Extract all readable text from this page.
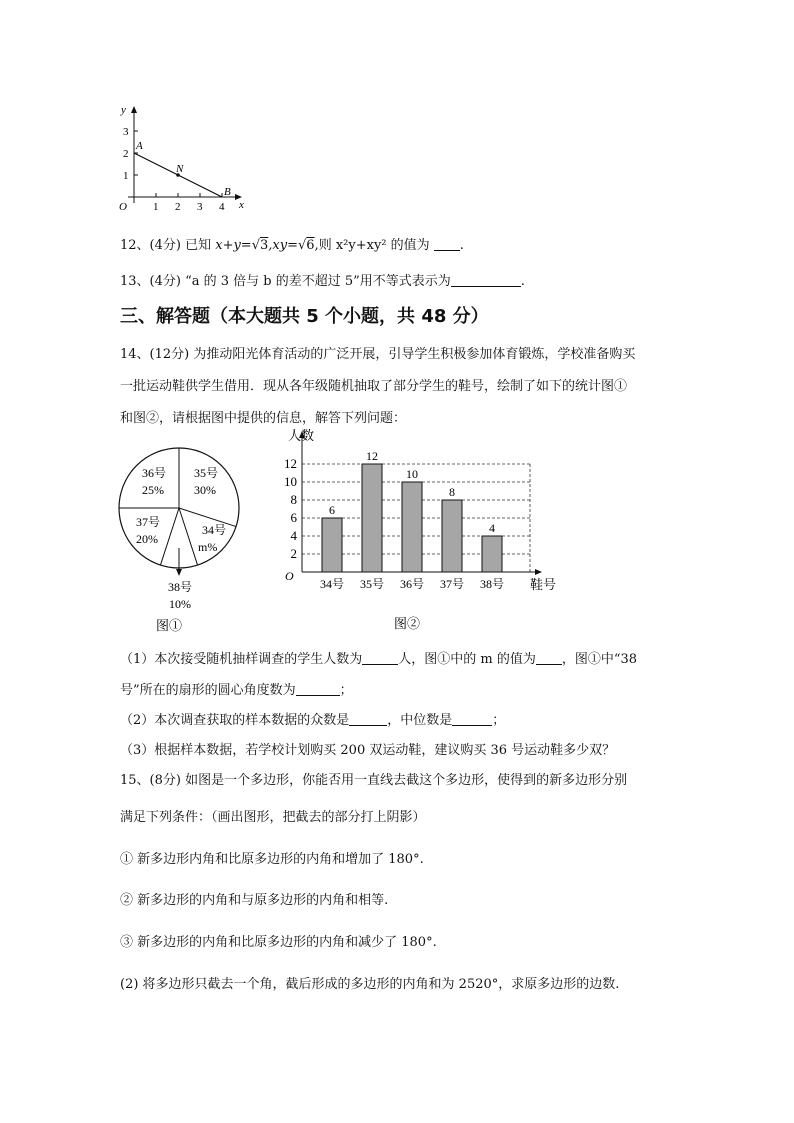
y
x
O
1
2
3
1 2 3 4
A
N
B
12、(4分) 已知 x+y=√3,xy=√6,则 x²y+xy² 的值为 .
13、(4分) “a 的 3 倍与 b 的差不超过 5”用不等式表示为	.
三、解答题（本大题共 5 个小题，共 48 分）
14、(12分) 为推动阳光体育活动的广泛开展，引导学生积极参加体育锻炼，学校准备购买
一批运动鞋供学生借用．现从各年级随机抽取了部分学生的鞋号，绘制了如下的统计图①
和图②，请根据图中提供的信息，解答下列问题：
35号
30%
36号
25%
37号
20%
34号
m%
38号
10%
图①
人数
鞋号
O
2
4
6
8
10
12
34号 35号 36号 37号 38号
6
12
10
8
4
图②
（1）本次接受随机抽样调查的学生人数为	人，图①中的 m 的值为 ，图①中“38
号”所在的扇形的圆心角度数为	；
（2）本次调查获取的样本数据的众数是	，中位数是	；
（3）根据样本数据，若学校计划购买 200 双运动鞋，建议购买 36 号运动鞋多少双？
15、(8分) 如图是一个多边形，你能否用一直线去截这个多边形，使得到的新多边形分别
满足下列条件：（画出图形，把截去的部分打上阴影）
① 新多边形内角和比原多边形的内角和增加了 180°.
② 新多边形的内角和与原多边形的内角和相等.
③ 新多边形的内角和比原多边形的内角和减少了 180°.
(2) 将多边形只截去一个角，截后形成的多边形的内角和为 2520°，求原多边形的边数.
